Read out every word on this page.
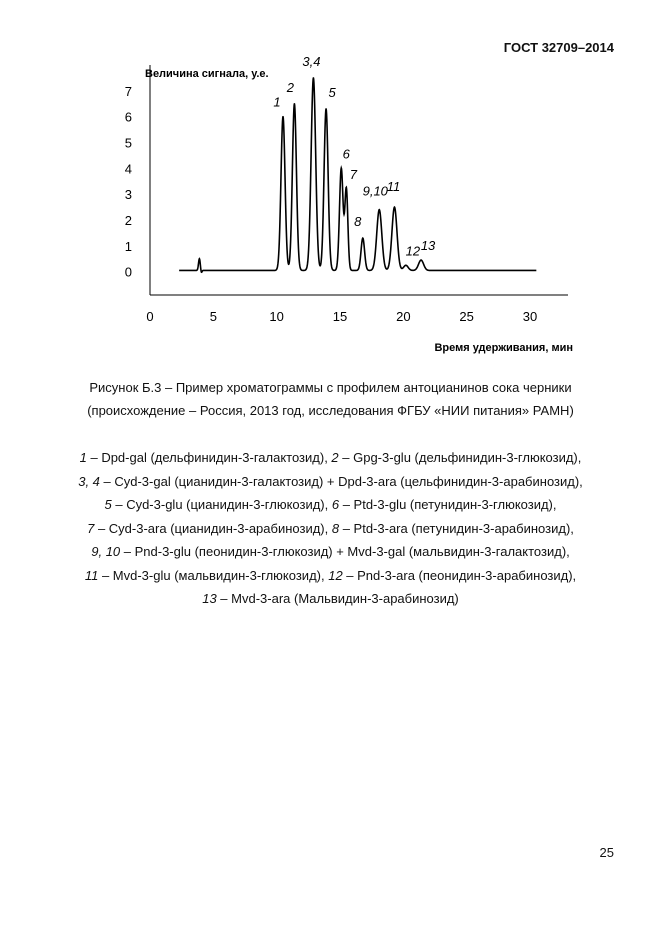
ГОСТ 32709–2014
0
1
2
3
4
5
6
7
0	5	10	15	20	25	30
Величина сигнала, у.е.
Время удерживания, мин
1
2
3,4
5
6
7
8
9,10
11
12 13
Рисунок Б.3 – Пример хроматограммы с профилем антоцианинов сока черники
(происхождение – Россия, 2013 год, исследования ФГБУ «НИИ питания» РАМН)
1 – Dpd-gal (дельфинидин-3-галактозид), 2 – Gpg-3-glu (дельфинидин-3-глюкозид),
3, 4 – Cyd-3-gal (цианидин-3-галактозид) + Dpd-3-ara (цельфинидин-3-арабинозид),
5 – Cyd-3-glu (цианидин-3-глюкозид), 6 – Ptd-3-glu (петунидин-3-глюкозид),
7 – Cyd-3-ara (цианидин-3-арабинозид), 8 – Ptd-3-ara (петунидин-3-арабинозид),
9, 10 – Pnd-3-glu (пеонидин-3-глюкозид) + Mvd-3-gal (мальвидин-3-галактозид),
11 – Mvd-3-glu (мальвидин-3-глюкозид), 12 – Pnd-3-ara (пеонидин-3-арабинозид),
13 – Mvd-3-ara (Мальвидин-3-арабинозид)
25
